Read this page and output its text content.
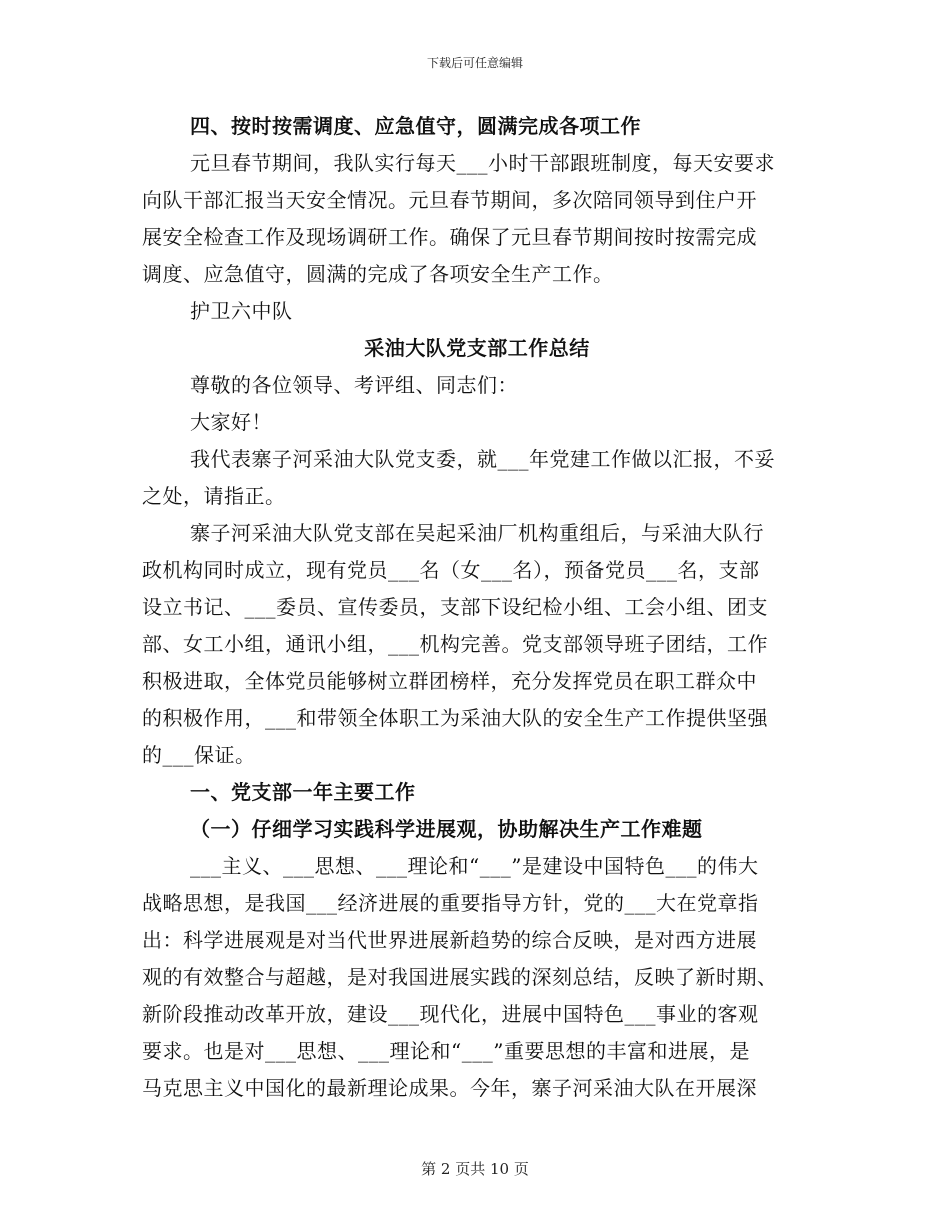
下载后可任意编辑
四、按时按需调度、应急值守，圆满完成各项工作
元旦春节期间，我队实行每天___小时干部跟班制度，每天安要求
向队干部汇报当天安全情况。元旦春节期间，多次陪同领导到住户开
展安全检查工作及现场调研工作。确保了元旦春节期间按时按需完成
调度、应急值守，圆满的完成了各项安全生产工作。
护卫六中队
采油大队党支部工作总结
尊敬的各位领导、考评组、同志们：
大家好！
我代表寨子河采油大队党支委，就___年党建工作做以汇报，不妥
之处，请指正。
寨子河采油大队党支部在吴起采油厂机构重组后，与采油大队行
政机构同时成立，现有党员___名（女___名），预备党员___名，支部
设立书记、___委员、宣传委员，支部下设纪检小组、工会小组、团支
部、女工小组，通讯小组，___机构完善。党支部领导班子团结，工作
积极进取，全体党员能够树立群团榜样，充分发挥党员在职工群众中
的积极作用，___和带领全体职工为采油大队的安全生产工作提供坚强
的___保证。
一、党支部一年主要工作
（一）仔细学习实践科学进展观，协助解决生产工作难题
___主义、___思想、___理论和“___”是建设中国特色___的伟大
战略思想，是我国___经济进展的重要指导方针，党的___大在党章指
出：科学进展观是对当代世界进展新趋势的综合反映，是对西方进展
观的有效整合与超越，是对我国进展实践的深刻总结，反映了新时期、
新阶段推动改革开放，建设___现代化，进展中国特色___事业的客观
要求。也是对___思想、___理论和“___”重要思想的丰富和进展，是
马克思主义中国化的最新理论成果。今年，寨子河采油大队在开展深
第 2 页共 10 页
